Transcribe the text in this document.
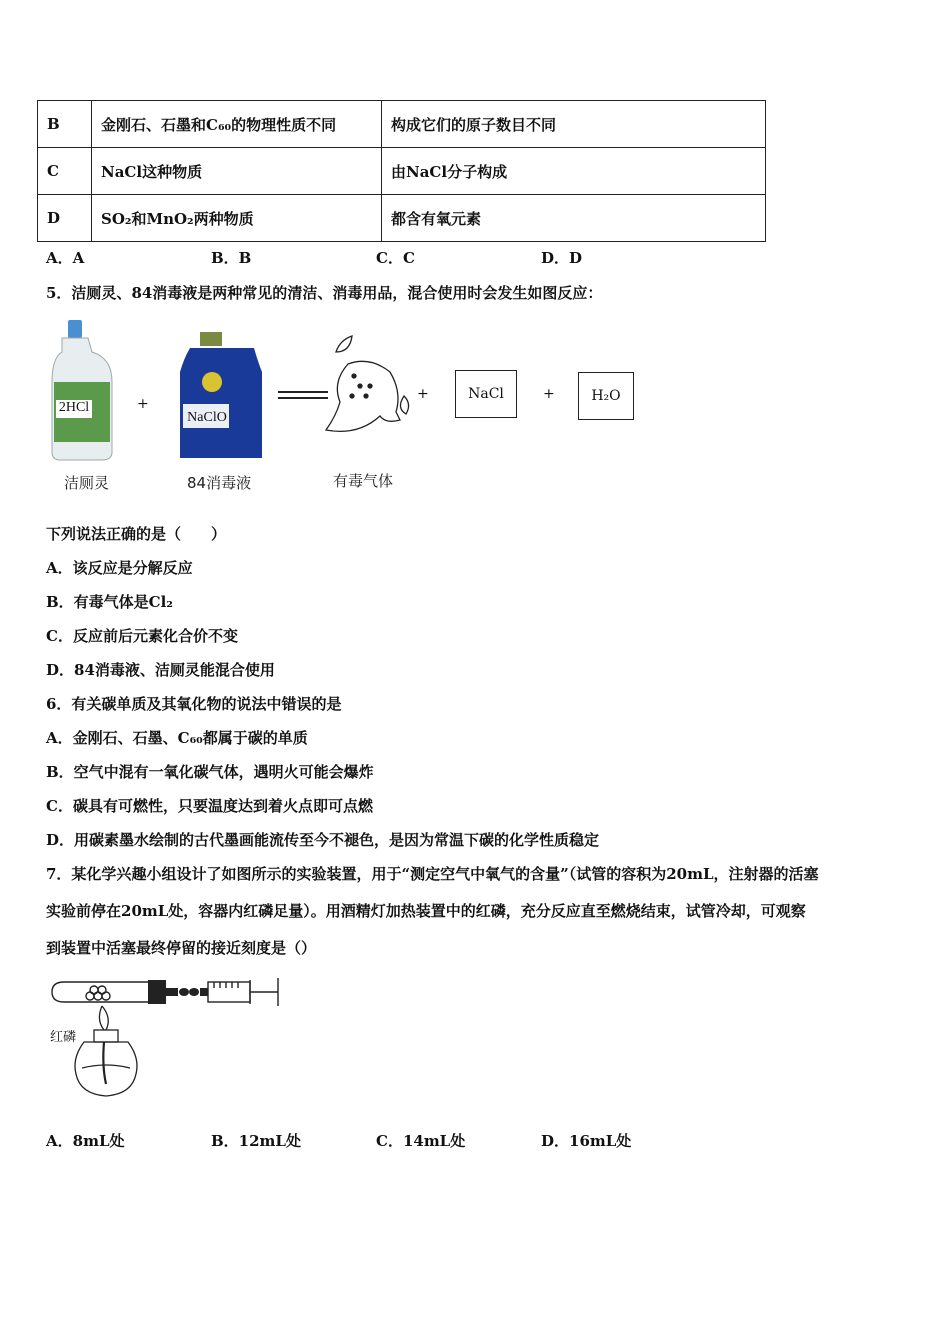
B	金刚石、石墨和C₆₀的物理性质不同	构成它们的原子数目不同
C	NaCl这种物质	由NaCl分子构成
D	SO₂和MnO₂两种物质	都含有氧元素
A．A	B．B	C．C	D．D
5．洁厕灵、84消毒液是两种常见的清洁、消毒用品，混合使用时会发生如图反应：
2HCl
NaClO
+
+	+
NaCl	H₂O
洁厕灵	84消毒液	有毒气体
下列说法正确的是（　　）
A．该反应是分解反应
B．有毒气体是Cl₂
C．反应前后元素化合价不变
D．84消毒液、洁厕灵能混合使用
6．有关碳单质及其氧化物的说法中错误的是
A．金刚石、石墨、C₆₀都属于碳的单质
B．空气中混有一氧化碳气体，遇明火可能会爆炸
C．碳具有可燃性，只要温度达到着火点即可点燃
D．用碳素墨水绘制的古代墨画能流传至今不褪色，是因为常温下碳的化学性质稳定
7．某化学兴趣小组设计了如图所示的实验装置，用于“测定空气中氧气的含量”（试管的容积为20mL，注射器的活塞
实验前停在20mL处，容器内红磷足量）。用酒精灯加热装置中的红磷，充分反应直至燃烧结束，试管冷却，可观察
到装置中活塞最终停留的接近刻度是（）
红磷
A．8mL处	B．12mL处	C．14mL处	D．16mL处
